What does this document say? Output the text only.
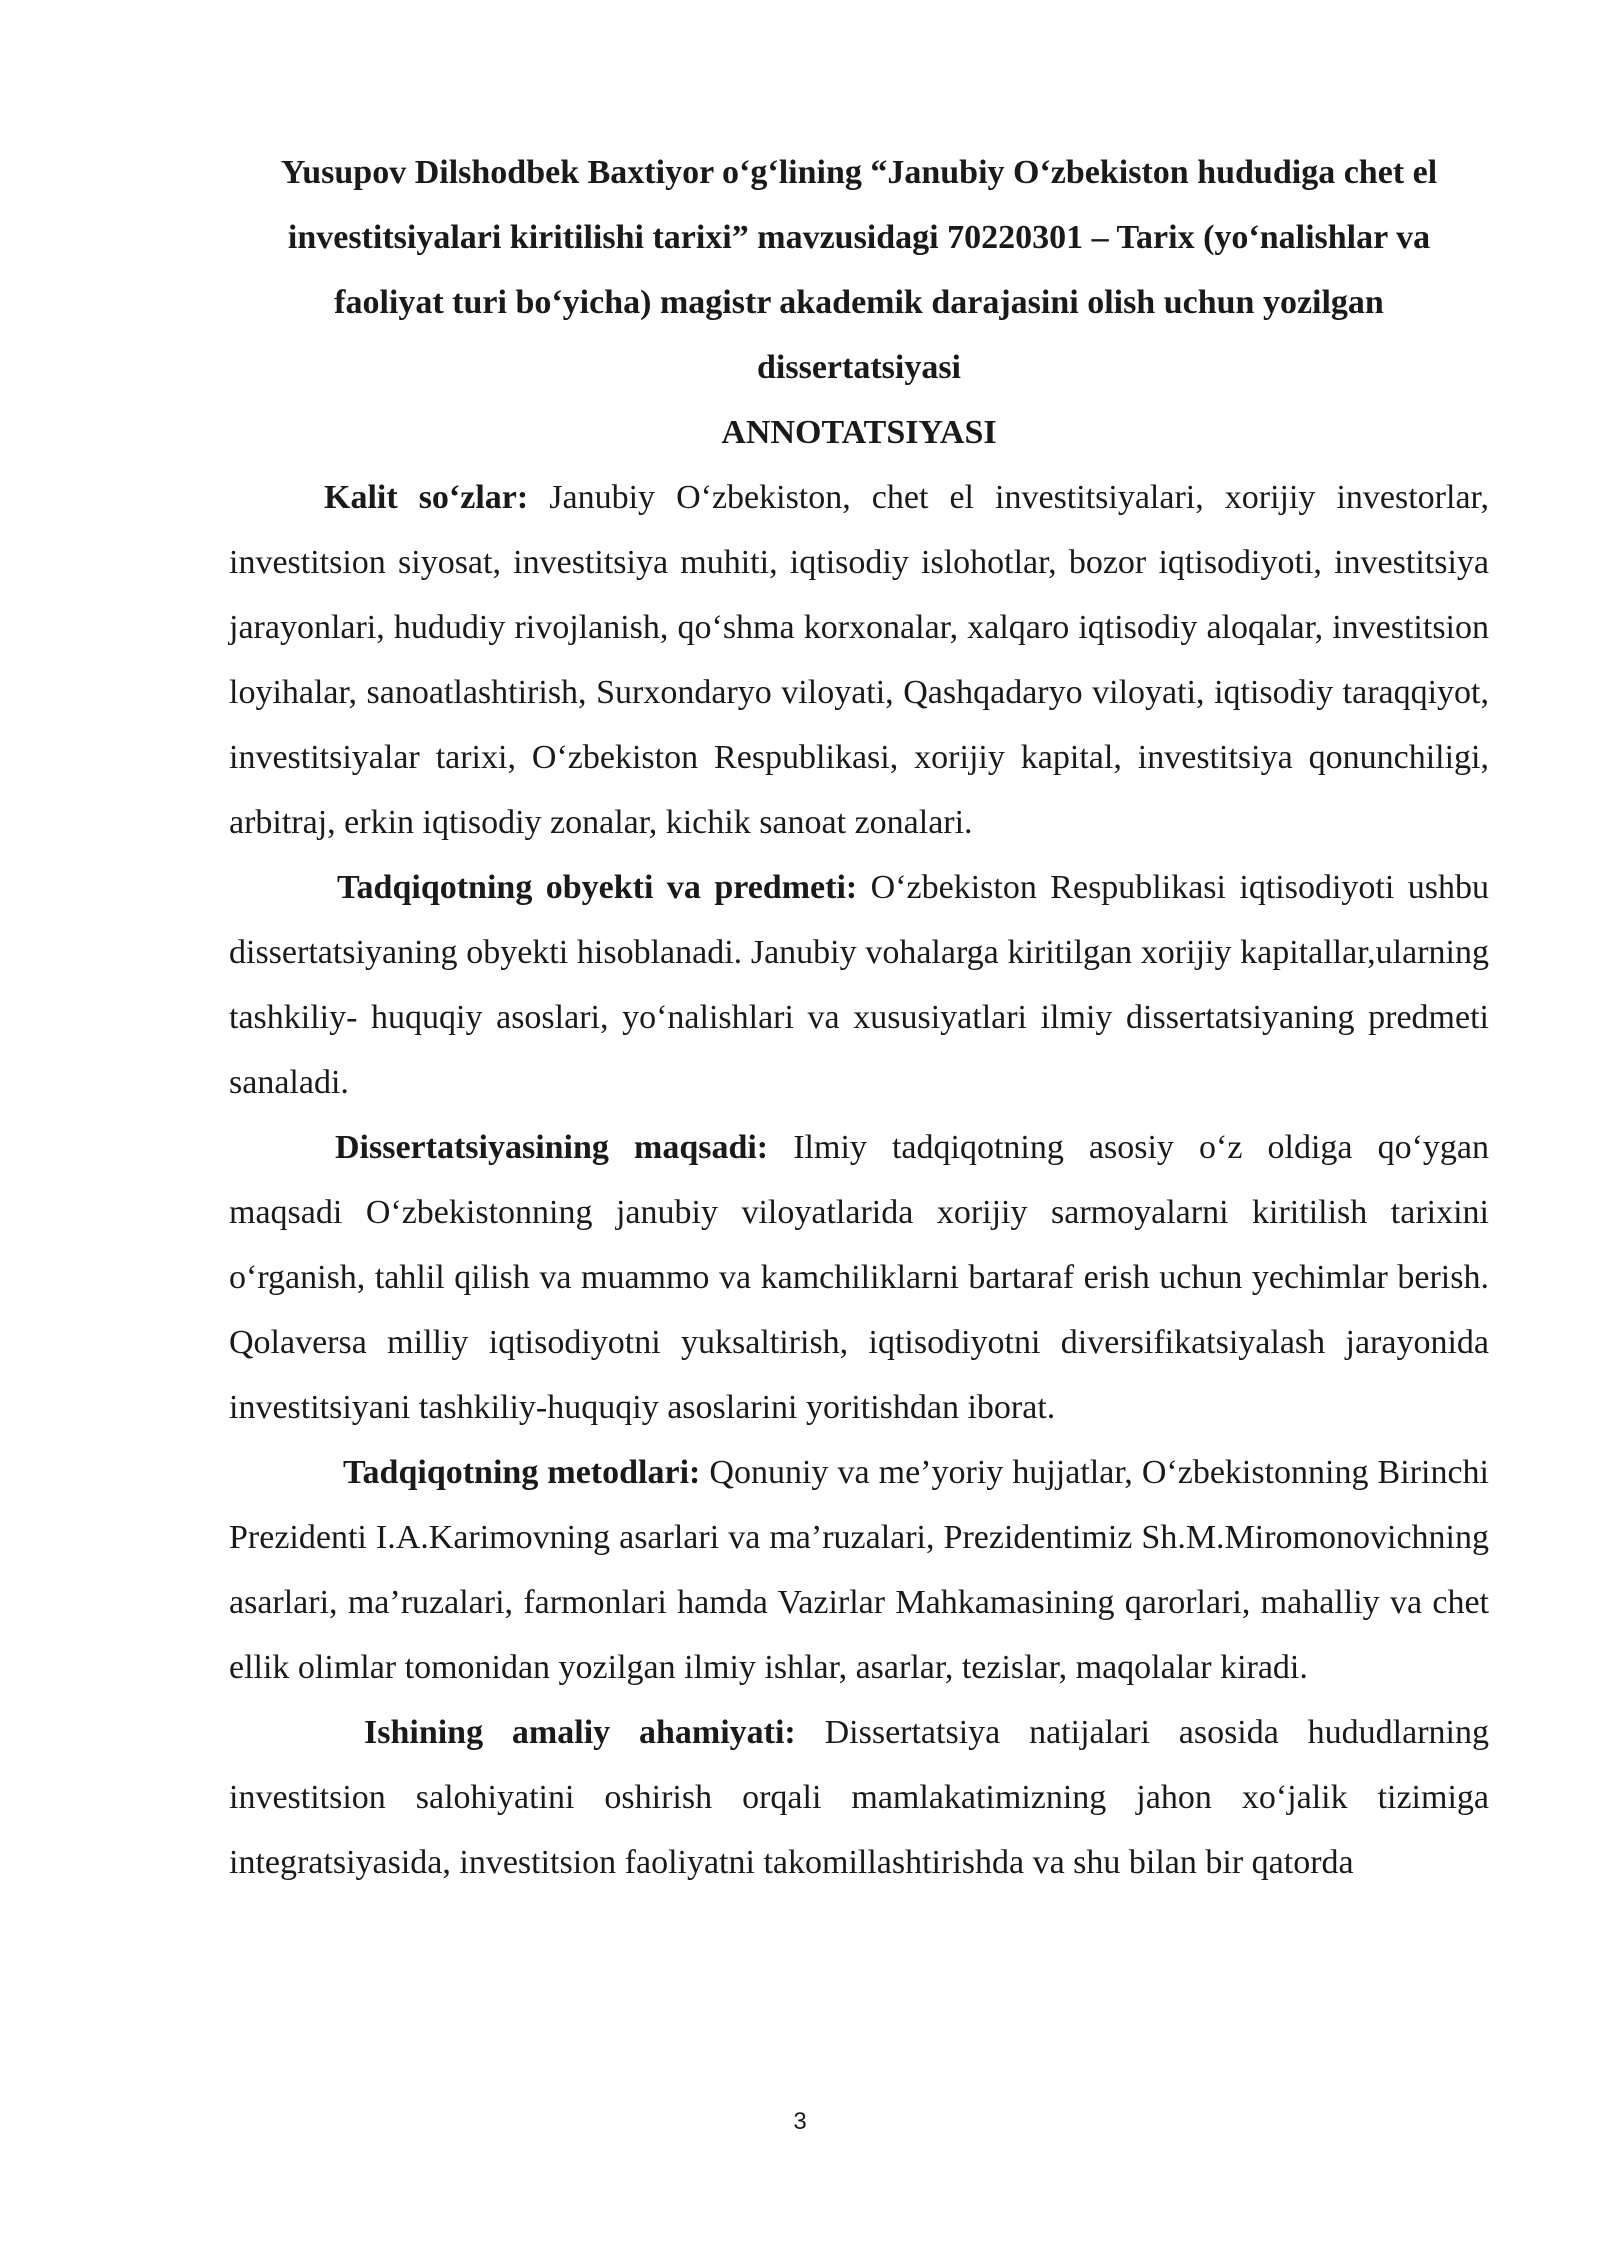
Yusupov Dilshodbek Baxtiyor o‘g‘lining “Janubiy O‘zbekiston hududiga chet el investitsiyalari kiritilishi tarixi” mavzusidagi 70220301 – Tarix (yo‘nalishlar va faoliyat turi bo‘yicha) magistr akademik darajasini olish uchun yozilgan dissertatsiyasi

ANNOTATSIYASI

Kalit so‘zlar: Janubiy O‘zbekiston, chet el investitsiyalari, xorijiy investorlar, investitsion siyosat, investitsiya muhiti, iqtisodiy islohotlar, bozor iqtisodiyoti, investitsiya jarayonlari, hududiy rivojlanish, qo‘shma korxonalar, xalqaro iqtisodiy aloqalar, investitsion loyihalar, sanoatlashtirish, Surxondaryo viloyati, Qashqadaryo viloyati, iqtisodiy taraqqiyot, investitsiyalar tarixi, O‘zbekiston Respublikasi, xorijiy kapital, investitsiya qonunchiligi, arbitraj, erkin iqtisodiy zonalar, kichik sanoat zonalari.

Tadqiqotning obyekti va predmeti: O‘zbekiston Respublikasi iqtisodiyoti ushbu dissertatsiyaning obyekti hisoblanadi. Janubiy vohalarga kiritilgan xorijiy kapitallar,ularning tashkiliy- huquqiy asoslari, yo‘nalishlari va xususiyatlari ilmiy dissertatsiyaning predmeti sanaladi.

Dissertatsiyasining maqsadi: Ilmiy tadqiqotning asosiy o‘z oldiga qo‘ygan maqsadi O‘zbekistonning janubiy viloyatlarida xorijiy sarmoyalarni kiritilish tarixini o‘rganish, tahlil qilish va muammo va kamchiliklarni bartaraf erish uchun yechimlar berish. Qolaversa milliy iqtisodiyotni yuksaltirish, iqtisodiyotni diversifikatsiyalash jarayonida investitsiyani tashkiliy-huquqiy asoslarini yoritishdan iborat.

Tadqiqotning metodlari: Qonuniy va me’yoriy hujjatlar, O‘zbekistonning Birinchi Prezidenti I.A.Karimovning asarlari va ma’ruzalari, Prezidentimiz Sh.M.Miromonovichning asarlari, ma’ruzalari, farmonlari hamda Vazirlar Mahkamasining qarorlari, mahalliy va chet ellik olimlar tomonidan yozilgan ilmiy ishlar, asarlar, tezislar, maqolalar kiradi.

Ishining amaliy ahamiyati: Dissertatsiya natijalari asosida hududlarning investitsion salohiyatini oshirish orqali mamlakatimizning jahon xo‘jalik tizimiga integratsiyasida, investitsion faoliyatni takomillashtirishda va shu bilan bir qatorda

3
